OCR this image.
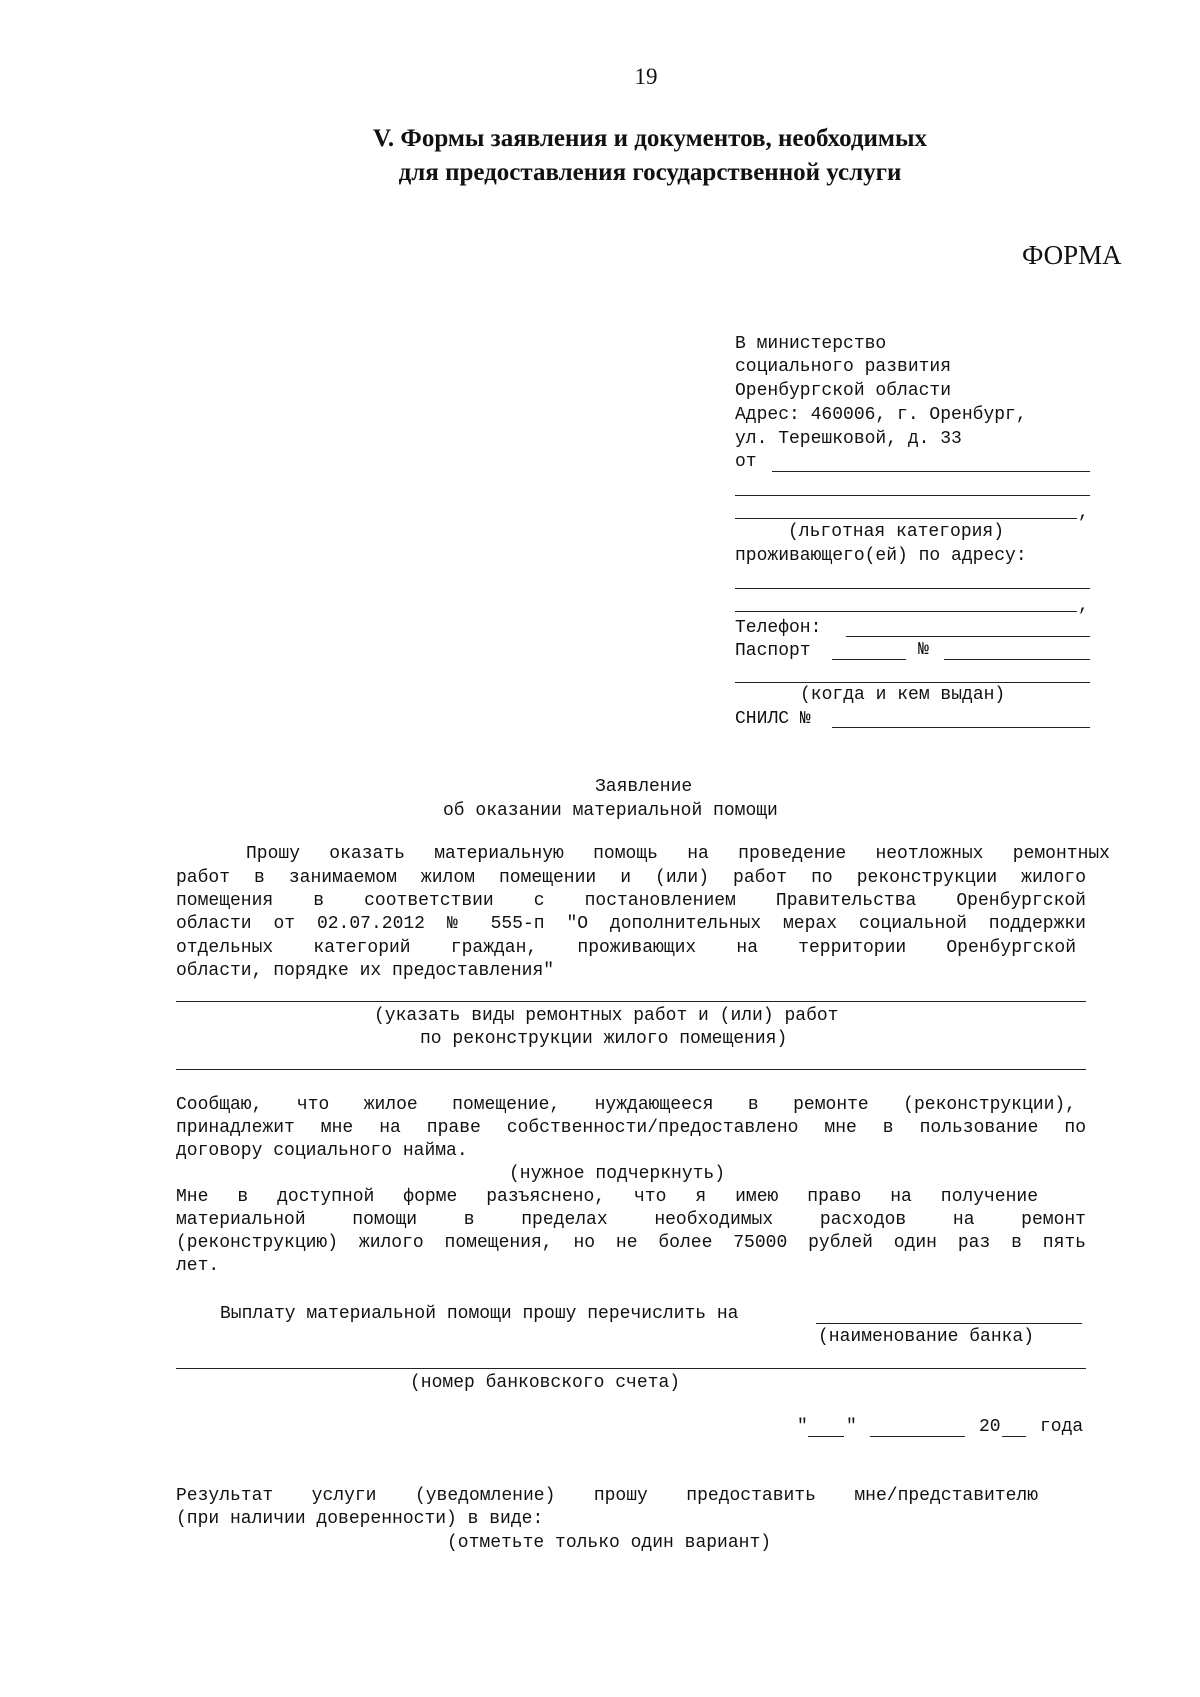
19
V. Формы заявления и документов, необходимых
для предоставления государственной услуги
ФОРМА
В министерство
социального развития
Оренбургской области
Адрес: 460006, г. Оренбург,
ул. Терешковой, д. 33
от
,
(льготная категория)
проживающего(ей) по адресу:
,
Телефон:
Паспорт	№
(когда и кем выдан)
СНИЛС №
Заявление
об оказании материальной помощи
Прошу оказать материальную помощь на проведение неотложных ремонтных
работ в занимаемом жилом помещении и (или) работ по реконструкции жилого
помещения в соответствии с постановлением Правительства Оренбургской
области от 02.07.2012 № 555-п "О дополнительных мерах социальной поддержки
отдельных категорий граждан, проживающих на территории Оренбургской
области, порядке их предоставления"
(указать виды ремонтных работ и (или) работ
по реконструкции жилого помещения)
Сообщаю, что жилое помещение, нуждающееся в ремонте (реконструкции),
принадлежит мне на праве собственности/предоставлено мне в пользование по
договору социального найма.
(нужное подчеркнуть)
Мне в доступной форме разъяснено, что я имею право на получение
материальной помощи в пределах необходимых расходов на ремонт
(реконструкцию) жилого помещения, но не более 75000 рублей один раз в пять
лет.
Выплату материальной помощи прошу перечислить на
(наименование банка)
(номер банковского счета)
" "	20 года
Результат услуги (уведомление) прошу предоставить мне/представителю
(при наличии доверенности) в виде:
(отметьте только один вариант)
